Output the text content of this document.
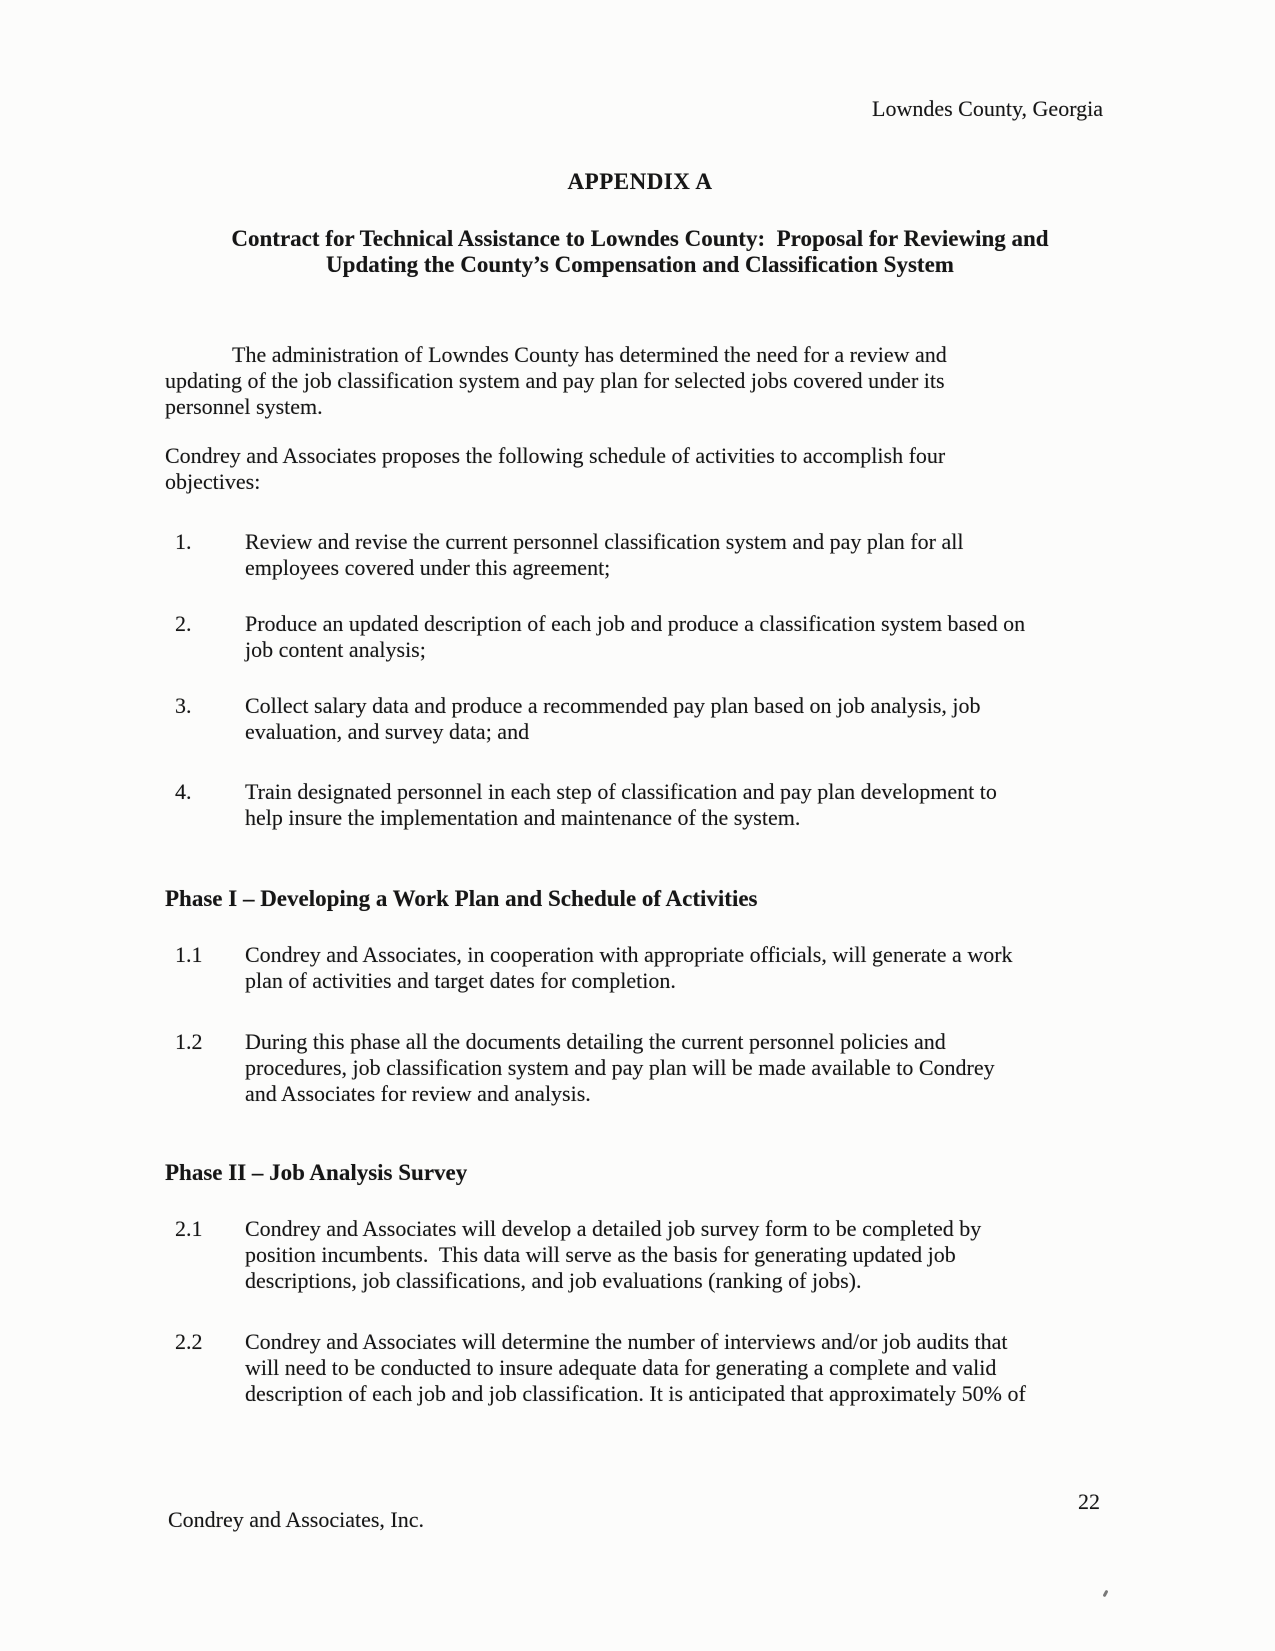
Lowndes County, Georgia
APPENDIX A
Contract for Technical Assistance to Lowndes County:  Proposal for Reviewing and
Updating the County’s Compensation and Classification System
The administration of Lowndes County has determined the need for a review and
updating of the job classification system and pay plan for selected jobs covered under its
personnel system.
Condrey and Associates proposes the following schedule of activities to accomplish four
objectives:
1.	Review and revise the current personnel classification system and pay plan for all
employees covered under this agreement;
2.	Produce an updated description of each job and produce a classification system based on
job content analysis;
3.	Collect salary data and produce a recommended pay plan based on job analysis, job
evaluation, and survey data; and
4.	Train designated personnel in each step of classification and pay plan development to
help insure the implementation and maintenance of the system.
Phase I – Developing a Work Plan and Schedule of Activities
1.1	Condrey and Associates, in cooperation with appropriate officials, will generate a work
plan of activities and target dates for completion.
1.2	During this phase all the documents detailing the current personnel policies and
procedures, job classification system and pay plan will be made available to Condrey
and Associates for review and analysis.
Phase II – Job Analysis Survey
2.1	Condrey and Associates will develop a detailed job survey form to be completed by
position incumbents.  This data will serve as the basis for generating updated job
descriptions, job classifications, and job evaluations (ranking of jobs).
2.2	Condrey and Associates will determine the number of interviews and/or job audits that
will need to be conducted to insure adequate data for generating a complete and valid
description of each job and job classification. It is anticipated that approximately 50% of
22
Condrey and Associates, Inc.
